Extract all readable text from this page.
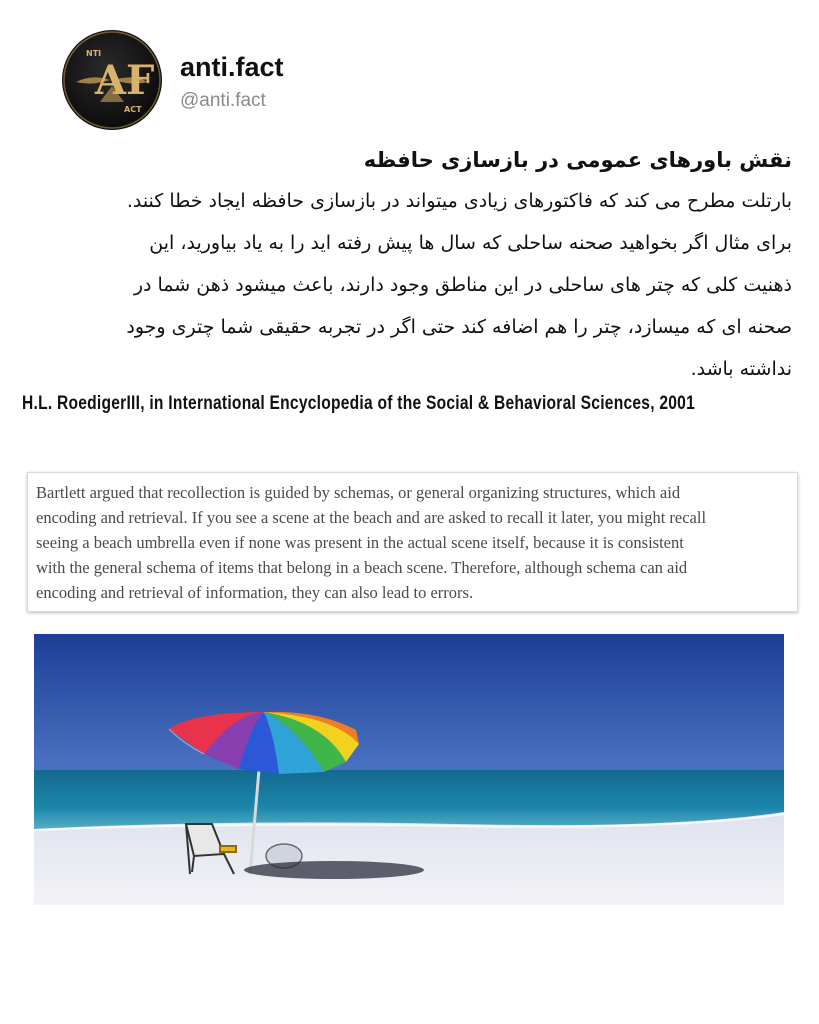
AF
NTI
ACT
anti.fact
@anti.fact
نقش باورهای عمومی در بازسازی حافظه
بارتلت مطرح می کند که فاکتورهای زیادی میتواند در بازسازی حافظه ایجاد خطا کنند.
برای مثال اگر بخواهید صحنه ساحلی که سال ها پیش رفته اید را به یاد بیاورید، این
ذهنیت کلی که چتر های ساحلی در این مناطق وجود دارند، باعث میشود ذهن شما در
صحنه ای که میسازد، چتر را هم اضافه کند حتی اگر در تجربه حقیقی شما چتری وجود
نداشته باشد.
H.L. RoedigerIII, in International Encyclopedia of the Social & Behavioral Sciences, 2001
Bartlett argued that recollection is guided by schemas, or general organizing structures, which aid
encoding and retrieval. If you see a scene at the beach and are asked to recall it later, you might recall
seeing a beach umbrella even if none was present in the actual scene itself, because it is consistent
with the general schema of items that belong in a beach scene. Therefore, although schema can aid
encoding and retrieval of information, they can also lead to errors.
